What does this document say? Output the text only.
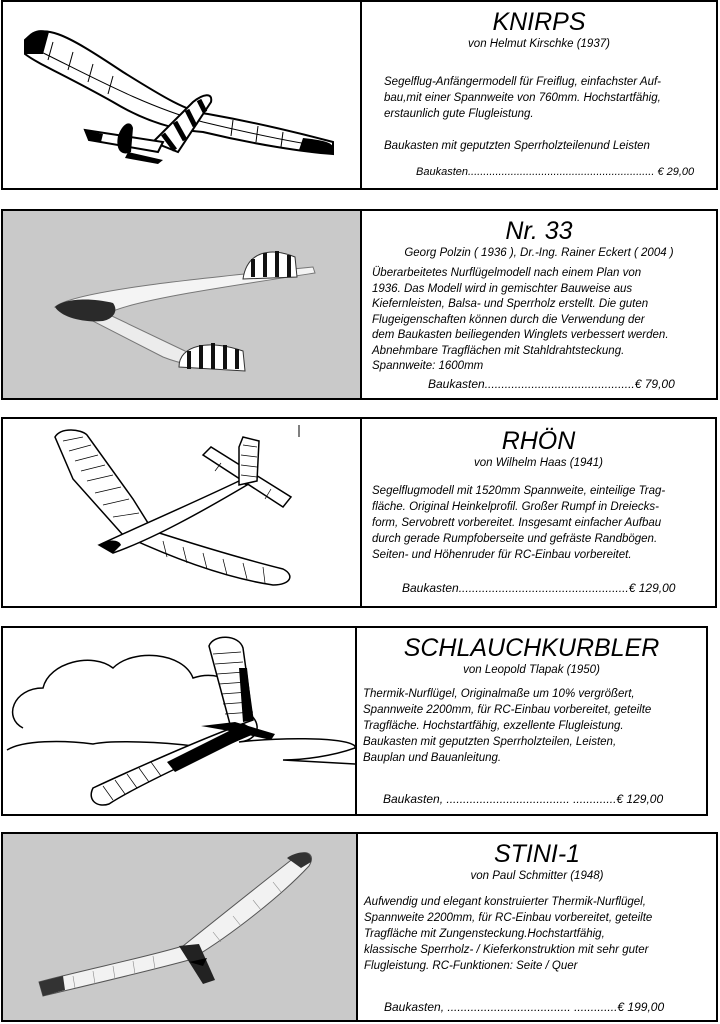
KNIRPS
von Helmut Kirschke (1937)
Segelflug-Anfängermodell für Freiflug, einfachster Auf-
bau,mit einer Spannweite von 760mm. Hochstartfähig,
erstaunlich gute Flugleistung.
Baukasten mit geputzten Sperrholzteilenund Leisten
Baukasten............................................................. € 29,00
Nr. 33
Georg Polzin ( 1936 ), Dr.-Ing. Rainer Eckert ( 2004 )
Überarbeitetes Nurflügelmodell nach einem Plan von
1936. Das Modell wird in gemischter Bauweise aus
Kiefernleisten, Balsa- und Sperrholz erstellt. Die guten
Flugeigenschaften können durch die Verwendung der
dem Baukasten beiliegenden Winglets verbessert werden.
Abnehmbare Tragflächen mit Stahldrahtsteckung.
Spannweite: 1600mm
Baukasten.............................................€ 79,00
RHÖN
von Wilhelm Haas (1941)
Segelflugmodell mit 1520mm Spannweite, einteilige Trag-
fläche. Original Heinkelprofil. Großer Rumpf in Dreiecks-
form, Servobrett vorbereitet. Insgesamt einfacher Aufbau
durch gerade Rumpfoberseite und gefräste Randbögen.
Seiten- und Höhenruder für RC-Einbau vorbereitet.
Baukasten...................................................€ 129,00
SCHLAUCHKURBLER
von Leopold Tlapak (1950)
Thermik-Nurflügel, Originalmaße um 10% vergrößert,
Spannweite 2200mm, für RC-Einbau vorbereitet, geteilte
Tragfläche. Hochstartfähig, exzellente Flugleistung.
Baukasten mit geputzten Sperrholzteilen, Leisten,
Bauplan und Bauanleitung.
Baukasten, ..................................... .............€ 129,00
STINI-1
von Paul Schmitter (1948)
Aufwendig und elegant konstruierter Thermik-Nurflügel,
Spannweite 2200mm, für RC-Einbau vorbereitet, geteilte
Tragfläche mit Zungensteckung.Hochstartfähig,
klassische Sperrholz- / Kieferkonstruktion mit sehr guter
Flugleistung. RC-Funktionen: Seite / Quer
Baukasten, ..................................... .............€ 199,00
